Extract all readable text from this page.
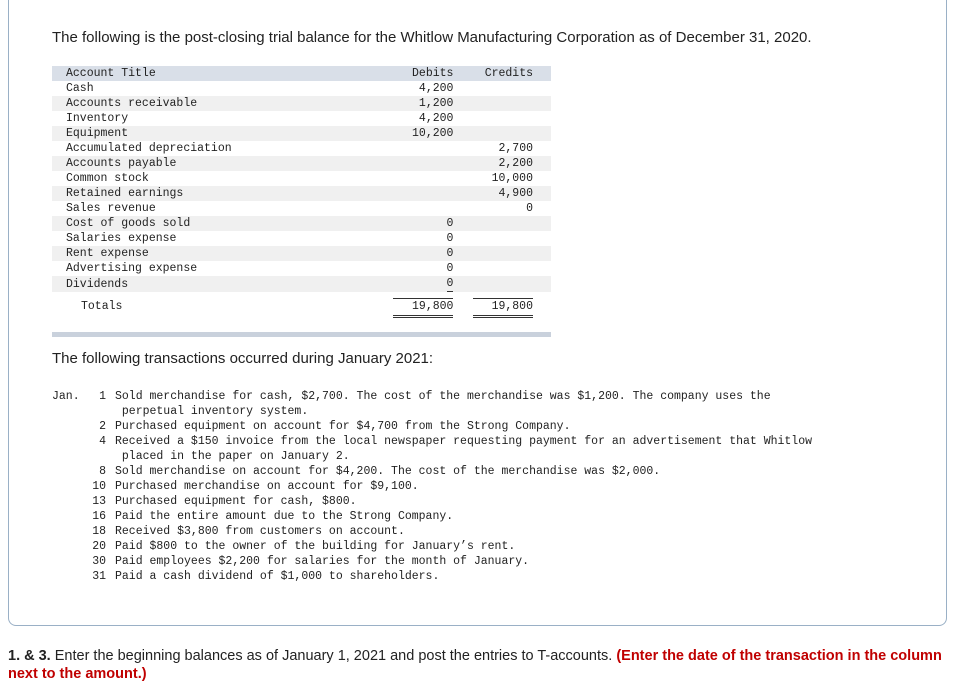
The following is the post-closing trial balance for the Whitlow Manufacturing Corporation as of December 31, 2020.
Account Title	Debits	Credits
Cash	4,200	
Accounts receivable	1,200	
Inventory	4,200	
Equipment	10,200	
Accumulated depreciation		2,700
Accounts payable		2,200
Common stock		10,000
Retained earnings		4,900
Sales revenue		0
Cost of goods sold	0	
Salaries expense	0	
Rent expense	0	
Advertising expense	0	
Dividends	0	
Totals	19,800	19,800

The following transactions occurred during January 2021:
Jan.	1 Sold merchandise for cash, $2,700. The cost of the merchandise was $1,200. The company uses the
perpetual inventory system.
2 Purchased equipment on account for $4,700 from the Strong Company.
4 Received a $150 invoice from the local newspaper requesting payment for an advertisement that Whitlow
placed in the paper on January 2.
8 Sold merchandise on account for $4,200. The cost of the merchandise was $2,000.
10 Purchased merchandise on account for $9,100.
13 Purchased equipment for cash, $800.
16 Paid the entire amount due to the Strong Company.
18 Received $3,800 from customers on account.
20 Paid $800 to the owner of the building for January’s rent.
30 Paid employees $2,200 for salaries for the month of January.
31 Paid a cash dividend of $1,000 to shareholders.
1. & 3. Enter the beginning balances as of January 1, 2021 and post the entries to T-accounts. (Enter the date of the transaction in the column next to the amount.)
